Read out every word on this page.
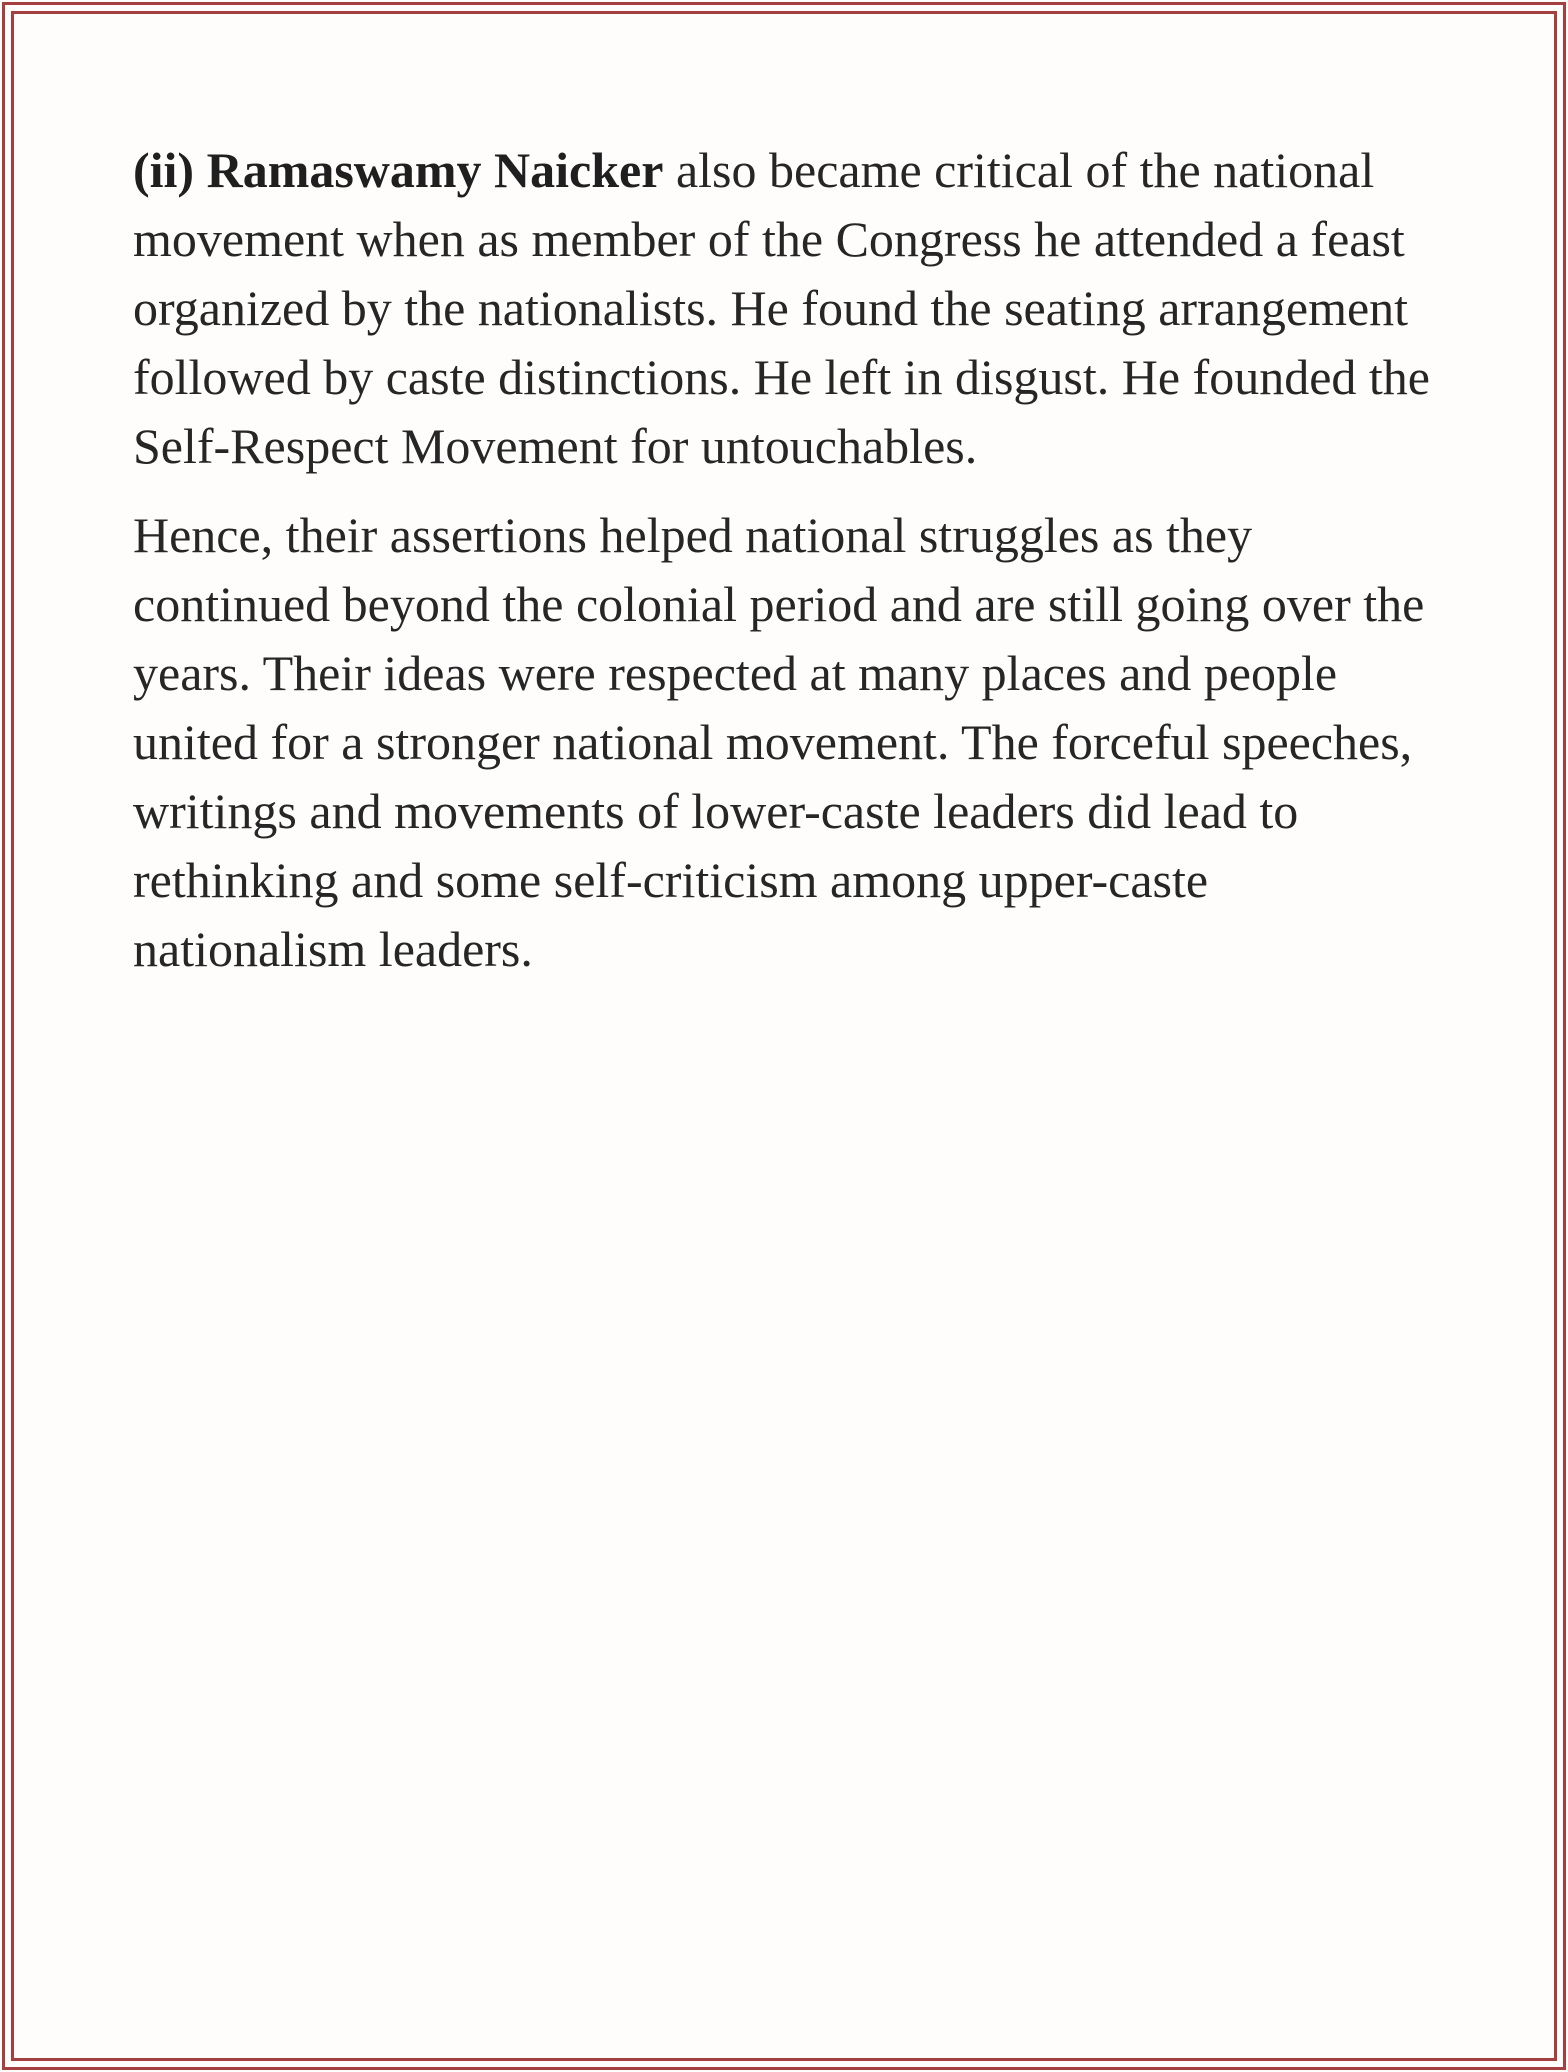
(ii) Ramaswamy Naicker also became critical of the national movement when as member of the Congress he attended a feast organized by the nationalists. He found the seating arrangement followed by caste distinctions. He left in disgust. He founded the Self-Respect Movement for untouchables.

Hence, their assertions helped national struggles as they continued beyond the colonial period and are still going over the years. Their ideas were respected at many places and people united for a stronger national movement. The forceful speeches, writings and movements of lower-caste leaders did lead to rethinking and some self-criticism among upper-caste nationalism leaders.
